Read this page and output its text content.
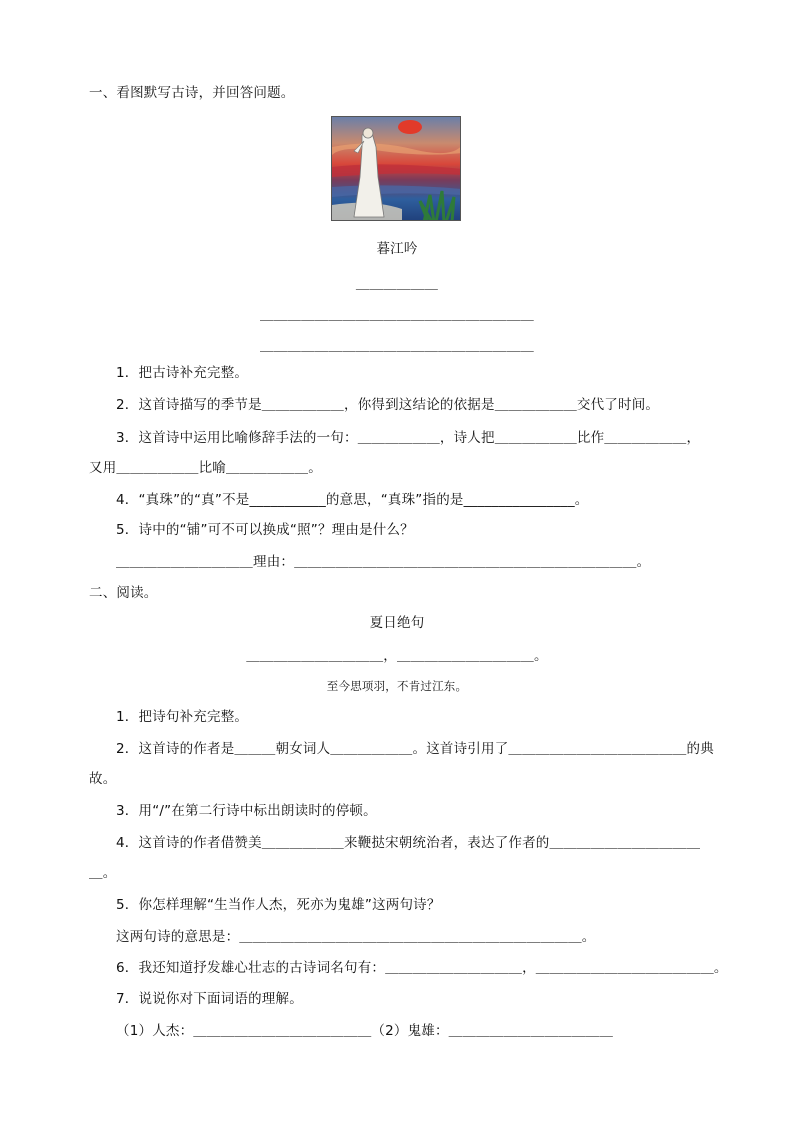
一、看图默写古诗，并回答问题。
暮江吟
＿＿＿＿＿＿
＿＿＿＿＿＿＿＿＿＿＿＿＿＿＿＿＿＿＿＿
＿＿＿＿＿＿＿＿＿＿＿＿＿＿＿＿＿＿＿＿
1．把古诗补充完整。
2．这首诗描写的季节是＿＿＿＿＿＿，你得到这结论的依据是＿＿＿＿＿＿交代了时间。
3．这首诗中运用比喻修辞手法的一句：＿＿＿＿＿＿，诗人把＿＿＿＿＿＿比作＿＿＿＿＿＿，
又用＿＿＿＿＿＿比喻＿＿＿＿＿＿。
4．“真珠”的“真”不是___________的意思，“真珠”指的是________________。
5．诗中的“铺”可不可以换成“照”？理由是什么？
＿＿＿＿＿＿＿＿＿＿理由：＿＿＿＿＿＿＿＿＿＿＿＿＿＿＿＿＿＿＿＿＿＿＿＿＿。
二、阅读。
夏日绝句
＿＿＿＿＿＿＿＿＿＿，＿＿＿＿＿＿＿＿＿＿。
至今思项羽，不肯过江东。
1．把诗句补充完整。
2．这首诗的作者是＿＿＿朝女词人＿＿＿＿＿＿。这首诗引用了＿＿＿＿＿＿＿＿＿＿＿＿＿的典
故。
3．用“/”在第二行诗中标出朗读时的停顿。
4．这首诗的作者借赞美＿＿＿＿＿＿来鞭挞宋朝统治者，表达了作者的＿＿＿＿＿＿＿＿＿＿＿
＿。
5．你怎样理解“生当作人杰，死亦为鬼雄”这两句诗？
这两句诗的意思是：＿＿＿＿＿＿＿＿＿＿＿＿＿＿＿＿＿＿＿＿＿＿＿＿＿。
6．我还知道抒发雄心壮志的古诗词名句有：＿＿＿＿＿＿＿＿＿＿，＿＿＿＿＿＿＿＿＿＿＿＿＿。
7．说说你对下面词语的理解。
（1）人杰：＿＿＿＿＿＿＿＿＿＿＿＿＿（2）鬼雄：＿＿＿＿＿＿＿＿＿＿＿＿
